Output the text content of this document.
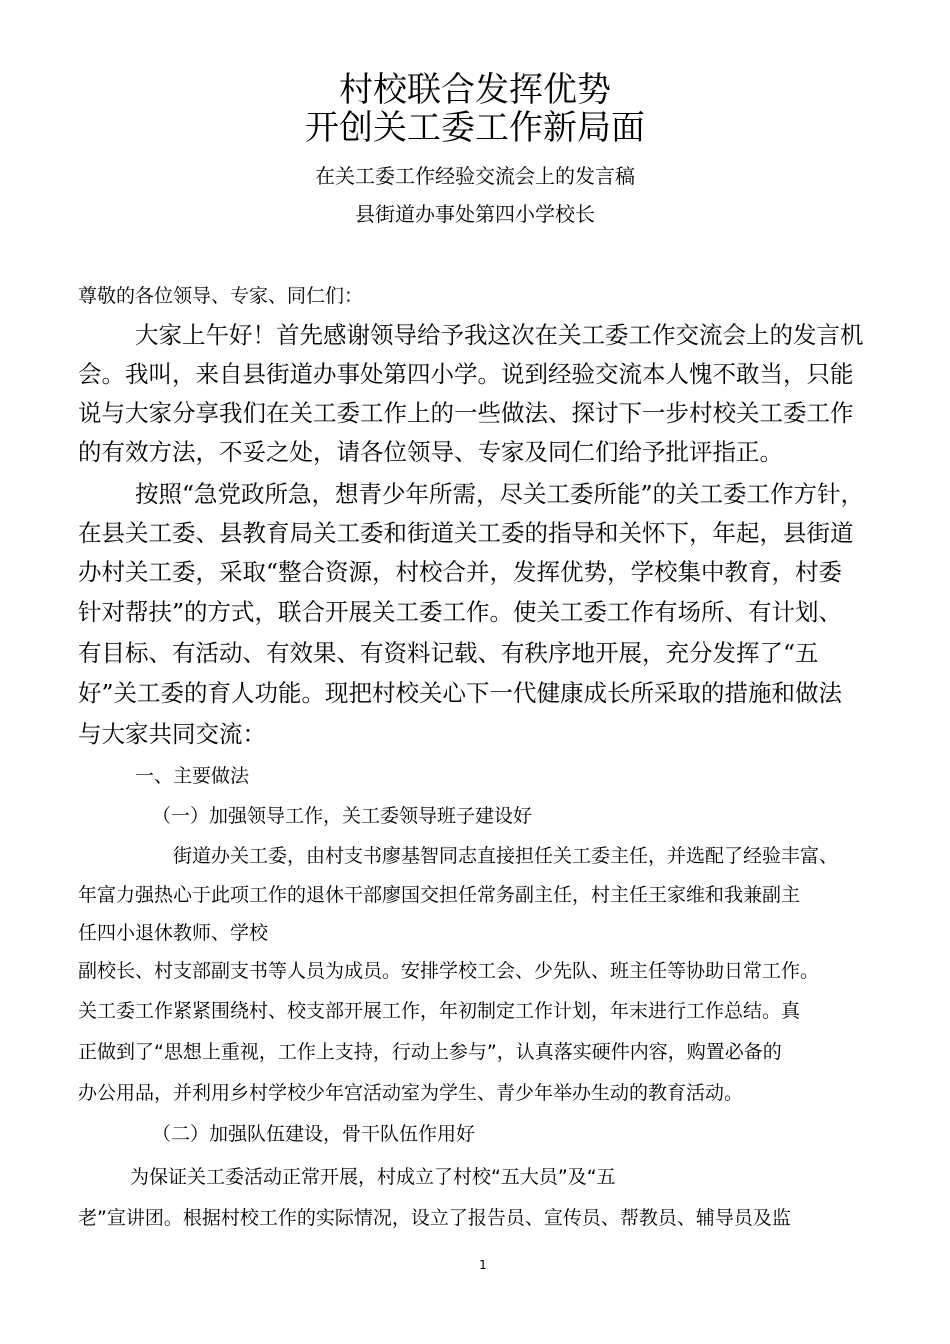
村校联合发挥优势
开创关工委工作新局面
在关工委工作经验交流会上的发言稿
县街道办事处第四小学校长
尊敬的各位领导、专家、同仁们：
大家上午好！首先感谢领导给予我这次在关工委工作交流会上的发言机
会。我叫，来自县街道办事处第四小学。说到经验交流本人愧不敢当，只能
说与大家分享我们在关工委工作上的一些做法、探讨下一步村校关工委工作
的有效方法，不妥之处，请各位领导、专家及同仁们给予批评指正。
按照“急党政所急，想青少年所需，尽关工委所能”的关工委工作方针，
在县关工委、县教育局关工委和街道关工委的指导和关怀下，年起，县街道
办村关工委，采取“整合资源，村校合并，发挥优势，学校集中教育，村委
针对帮扶”的方式，联合开展关工委工作。使关工委工作有场所、有计划、
有目标、有活动、有效果、有资料记载、有秩序地开展，充分发挥了“五
好”关工委的育人功能。现把村校关心下一代健康成长所采取的措施和做法
与大家共同交流：
一、主要做法
（一）加强领导工作，关工委领导班子建设好
街道办关工委，由村支书廖基智同志直接担任关工委主任，并选配了经验丰富、
年富力强热心于此项工作的退休干部廖国交担任常务副主任，村主任王家维和我兼副主
任四小退休教师、学校
副校长、村支部副支书等人员为成员。安排学校工会、少先队、班主任等协助日常工作。
关工委工作紧紧围绕村、校支部开展工作，年初制定工作计划，年末进行工作总结。真
正做到了“思想上重视，工作上支持，行动上参与”，认真落实硬件内容，购置必备的
办公用品，并利用乡村学校少年宫活动室为学生、青少年举办生动的教育活动。
（二）加强队伍建设，骨干队伍作用好
为保证关工委活动正常开展，村成立了村校“五大员”及“五
老”宣讲团。根据村校工作的实际情况，设立了报告员、宣传员、帮教员、辅导员及监
1
